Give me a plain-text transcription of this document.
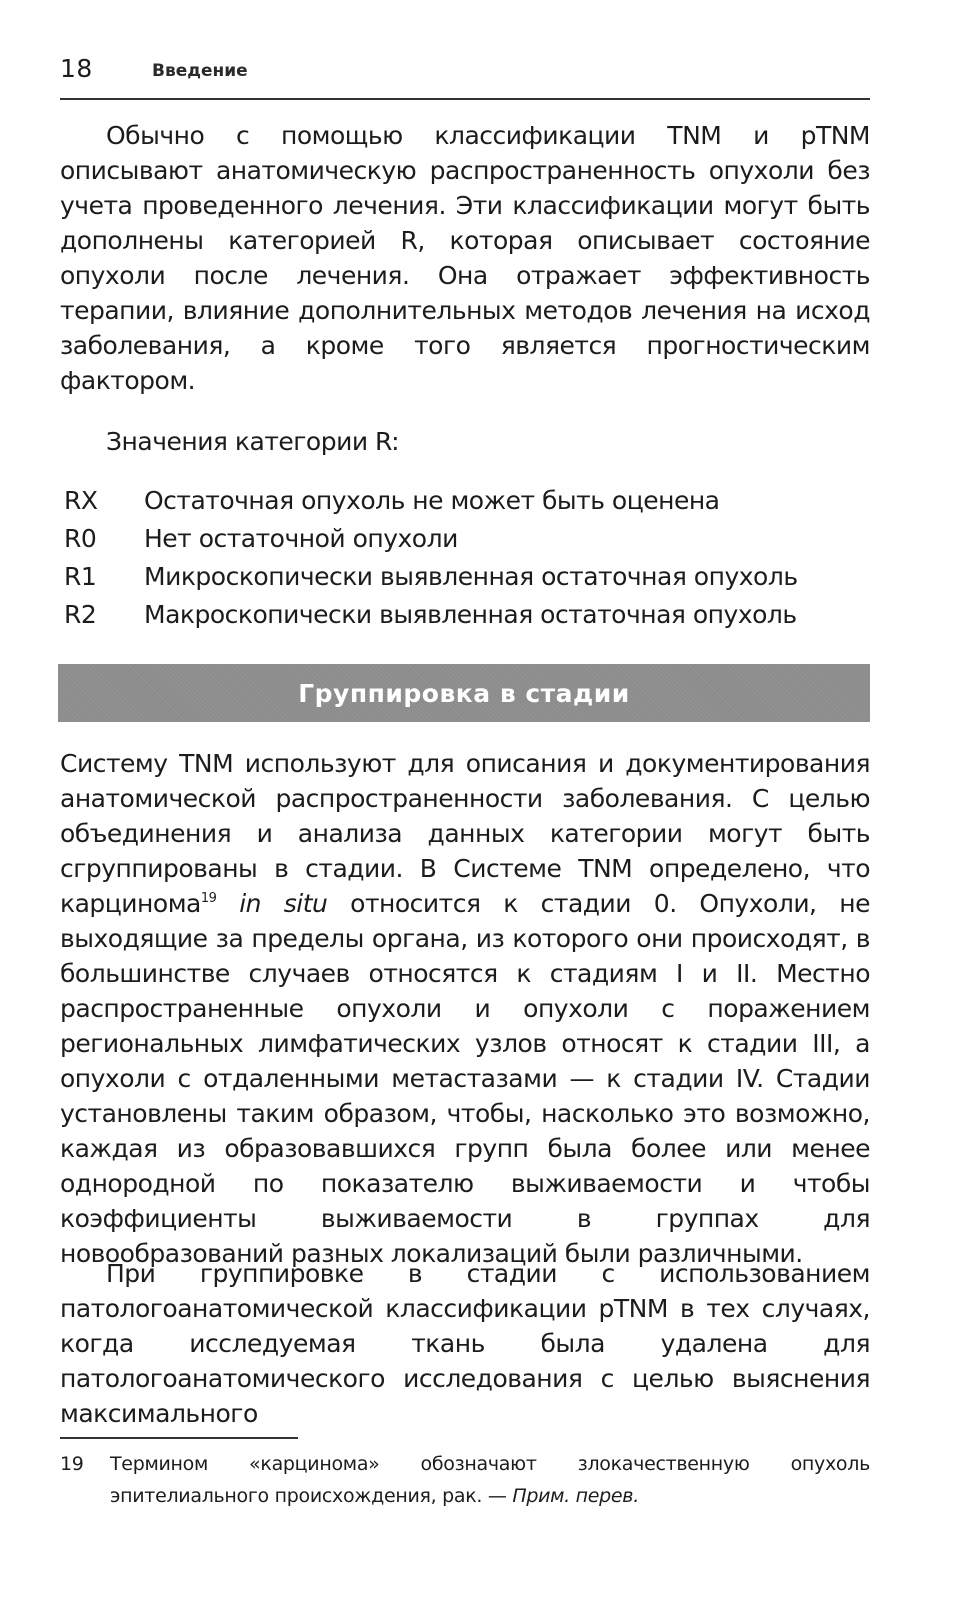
18	Введение

Обычно с помощью классификации TNM и pTNM описывают анатомическую распространенность опухоли без учета проведенного лечения. Эти классификации могут быть дополнены категорией R, которая описывает состояние опухоли после лечения. Она отражает эффективность терапии, влияние дополнительных методов лечения на исход заболевания, а кроме того является прогностическим фактором.

Значения категории R:

RX	Остаточная опухоль не может быть оценена
R0	Нет остаточной опухоли
R1	Микроскопически выявленная остаточная опухоль
R2	Макроскопически выявленная остаточная опухоль
Группировка в стадии

Систему TNM используют для описания и документирования анатомической распространенности заболевания. С целью объединения и анализа данных категории могут быть сгруппированы в стадии. В Системе TNM определено, что карцинома$^{19}$ in situ относится к стадии 0. Опухоли, не выходящие за пределы органа, из которого они происходят, в большинстве случаев относятся к стадиям I и II. Местно распространенные опухоли и опухоли с поражением региональных лимфатических узлов относят к стадии III, а опухоли с отдаленными метастазами — к стадии IV. Стадии установлены таким образом, чтобы, насколько это возможно, каждая из образовавшихся групп была более или менее однородной по показателю выживаемости и чтобы коэффициенты выживаемости в группах для новообразований разных локализаций были различными.

При группировке в стадии с использованием патологоанатомической классификации pTNM в тех случаях, когда исследуемая ткань была удалена для патологоанатомического исследования с целью выяснения максимального

19	Термином «карцинома» обозначают злокачественную опухоль эпителиального происхождения, рак. — Прим. перев.
